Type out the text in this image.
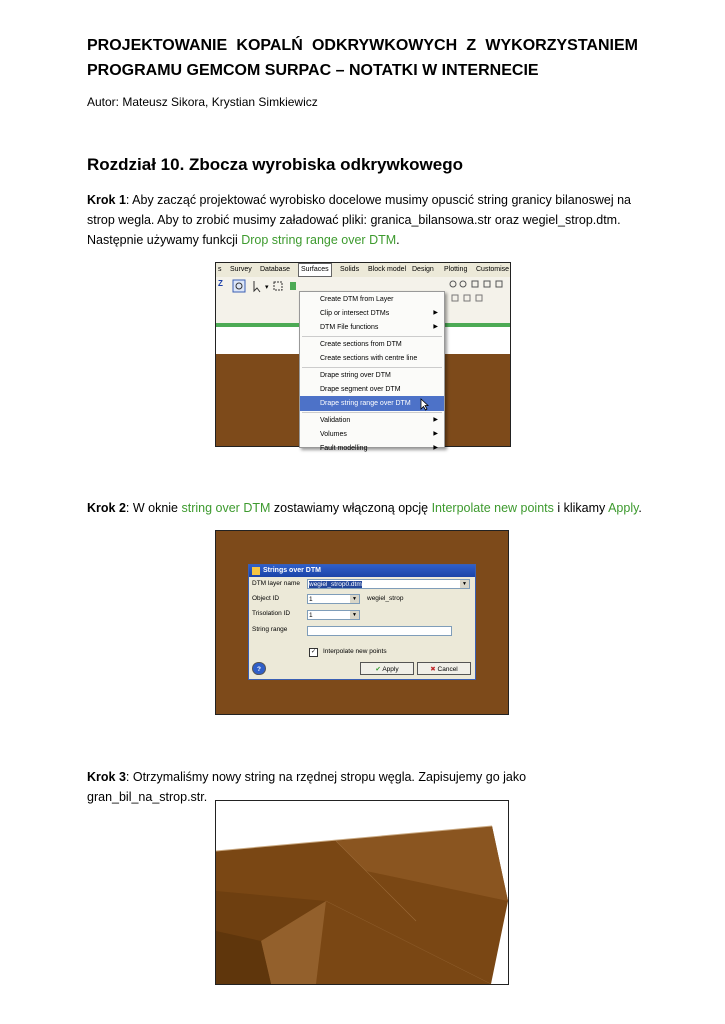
PROJEKTOWANIE KOPALŃ ODKRYWKOWYCH Z WYKORZYSTANIEM
PROGRAMU GEMCOM SURPAC – NOTATKI W INTERNECIE
Autor: Mateusz Sikora, Krystian Simkiewicz
Rozdział 10. Zbocza wyrobiska odkrywkowego
Krok 1: Aby zacząć projektować wyrobisko docelowe musimy opuscić string granicy bilanoswej na
strop wegla. Aby to zrobić musimy załadować pliki: granica_bilansowa.str oraz wegiel_strop.dtm.
Następnie używamy funkcji Drop string range over DTM.
s Survey Database	Surfaces	Solids Block model Design Plotting Customise
Z	▾
Create DTM from Layer
Clip or intersect DTMs	▶
DTM File functions	▶
Create sections from DTM
Create sections with centre line
Drape string over DTM
Drape segment over DTM
Drape string range over DTM
Validation	▶
Volumes	▶
Fault modelling	▶
Krok 2: W oknie string over DTM zostawiamy włączoną opcję Interpolate new points i klikamy Apply.
Strings over DTM
DTM layer name	wegiel_strop0.dtm	▼
Object ID	1	▼	wegiel_strop
Trisolation ID	1	▼
String range
✓	Interpolate new points
?	✔ Apply	✖ Cancel
Krok 3: Otrzymaliśmy nowy string na rzędnej stropu węgla. Zapisujemy go jako gran_bil_na_strop.str.
